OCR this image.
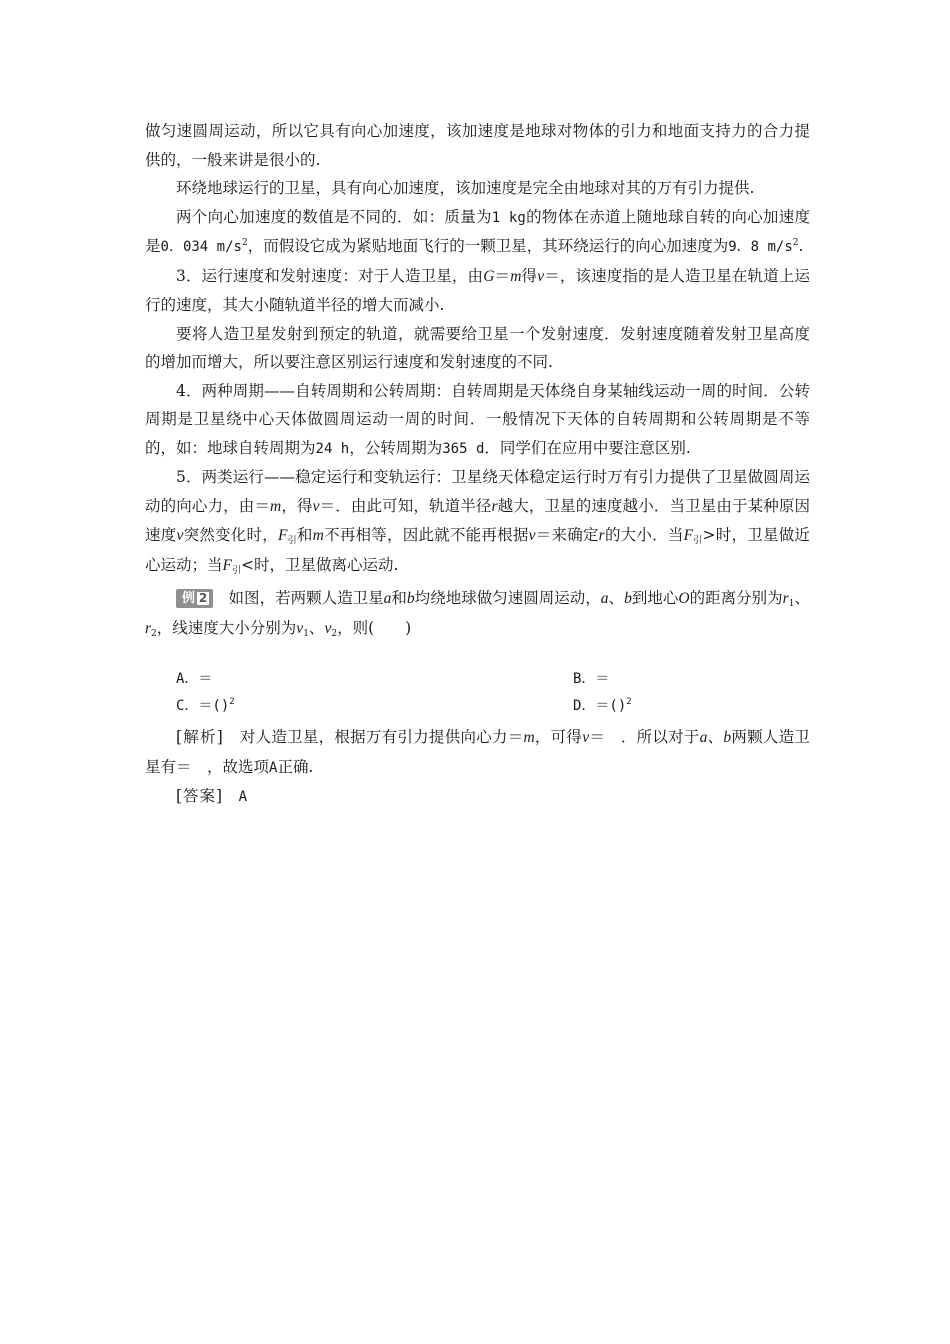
做匀速圆周运动，所以它具有向心加速度，该加速度是地球对物体的引力和地面支持力的合力提供的，一般来讲是很小的.

环绕地球运行的卫星，具有向心加速度，该加速度是完全由地球对其的万有引力提供.

两个向心加速度的数值是不同的．如：质量为1 kg的物体在赤道上随地球自转的向心加速度是0．034 $m/s^2$，而假设它成为紧贴地面飞行的一颗卫星，其环绕运行的向心加速度为9．8 $m/s^2$.

3．运行速度和发射速度：对于人造卫星，由G＝m得v＝，该速度指的是人造卫星在轨道上运行的速度，其大小随轨道半径的增大而减小.

要将人造卫星发射到预定的轨道，就需要给卫星一个发射速度．发射速度随着发射卫星高度的增加而增大，所以要注意区别运行速度和发射速度的不同.

4．两种周期——自转周期和公转周期：自转周期是天体绕自身某轴线运动一周的时间．公转周期是卫星绕中心天体做圆周运动一周的时间．一般情况下天体的自转周期和公转周期是不等的，如：地球自转周期为24 h，公转周期为365 d．同学们在应用中要注意区别.

5．两类运行——稳定运行和变轨运行：卫星绕天体稳定运行时万有引力提供了卫星做圆周运动的向心力，由＝m，得v＝．由此可知，轨道半径r越大，卫星的速度越小．当卫星由于某种原因速度v突然变化时，$F_引$和m不再相等，因此就不能再根据v＝来确定r的大小．当$F_引>$时，卫星做近心运动；当$F_引<$时，卫星做离心运动.

例 2　 如图，若两颗人造卫星a和b均绕地球做匀速圆周运动，a、b到地心O的距离分别为$r_1$、$r_2$，线速度大小分别为$v_1$、$v_2$，则(　　)

A．＝	B．＝
C．＝()$^2$	D．＝()$^2$

[解析]　 对人造卫星，根据万有引力提供向心力＝m，可得v＝　．所以对于a、b两颗人造卫星有＝　，故选项A正确.

[答案]　 A
